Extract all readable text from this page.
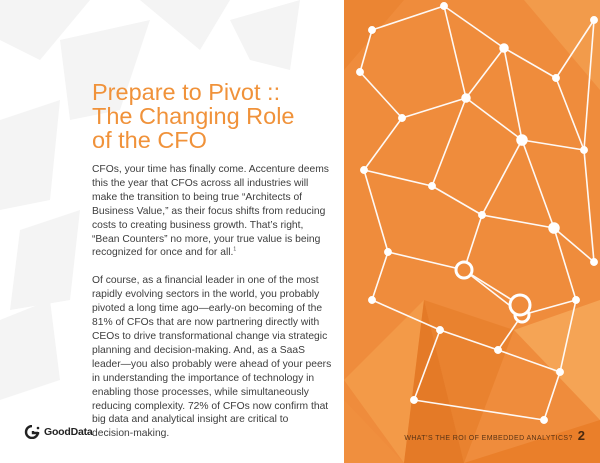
Prepare to Pivot ::
The Changing Role
of the CFO

CFOs, your time has finally come. Accenture deems this the year that CFOs across all industries will make the transition to being true “Architects of Business Value,” as their focus shifts from reducing costs to creating business growth. That’s right, “Bean Counters” no more, your true value is being recognized for once and for all.$^1$

Of course, as a financial leader in one of the most rapidly evolving sectors in the world, you probably pivoted a long time ago—early-on becoming of the 81% of CFOs that are now partnering directly with CEOs to drive transformational change via strategic planning and decision-making. And, as a SaaS leader—you also probably were ahead of your peers in understanding the importance of technology in enabling those processes, while simultaneously reducing complexity. 72% of CFOs now confirm that big data and analytical insight are critical to decision-making.

GoodData
WHAT’S THE ROI OF EMBEDDED ANALYTICS? 2
